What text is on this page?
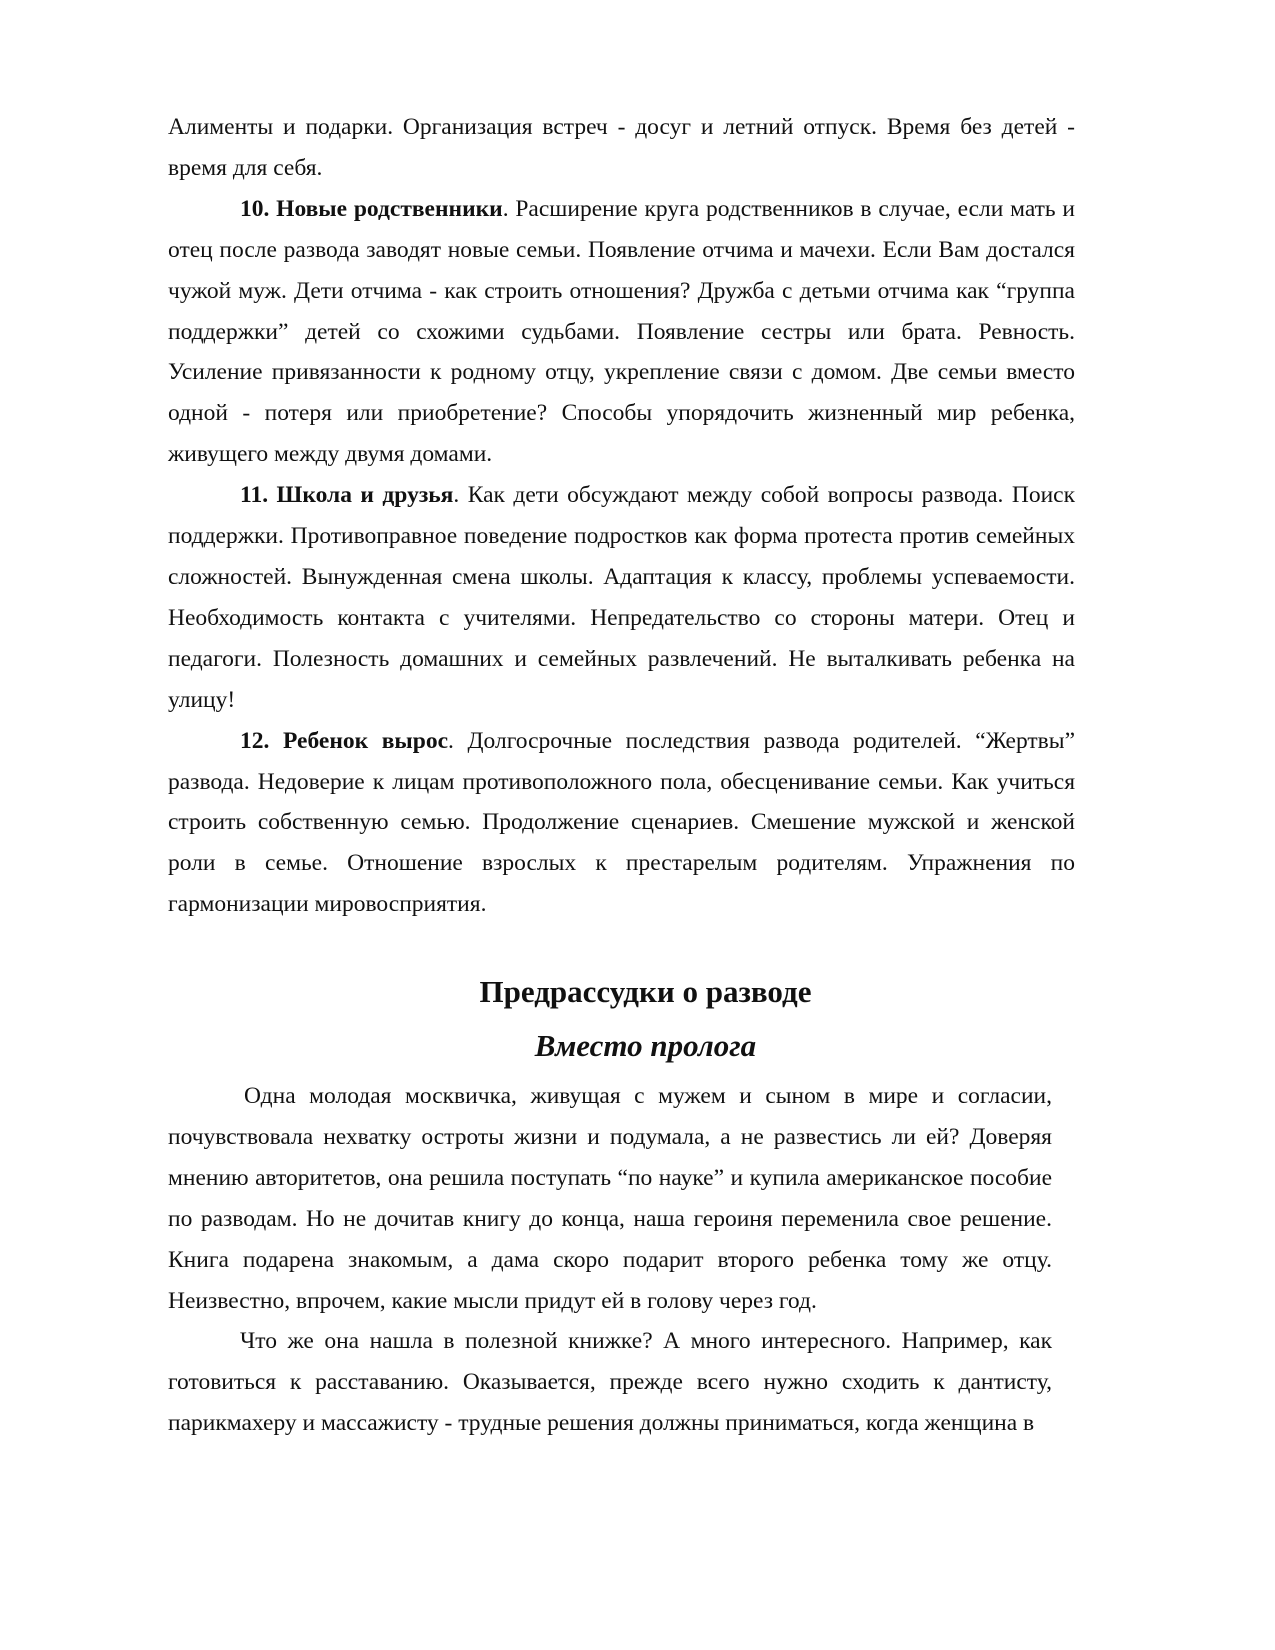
Алименты и подарки. Организация встреч - досуг и летний отпуск. Время без детей - время для себя.

10. Новые родственники. Расширение круга родственников в случае, если мать и отец после развода заводят новые семьи. Появление отчима и мачехи. Если Вам достался чужой муж. Дети отчима - как строить отношения? Дружба с детьми отчима как “группа поддержки” детей со схожими судьбами. Появление сестры или брата. Ревность. Усиление привязанности к родному отцу, укрепление связи с домом. Две семьи вместо одной - потеря или приобретение? Способы упорядочить жизненный мир ребенка, живущего между двумя домами.

11. Школа и друзья. Как дети обсуждают между собой вопросы развода. Поиск поддержки. Противоправное поведение подростков как форма протеста против семейных сложностей. Вынужденная смена школы. Адаптация к классу, проблемы успеваемости. Необходимость контакта с учителями. Непредательство со стороны матери. Отец и педагоги. Полезность домашних и семейных развлечений. Не выталкивать ребенка на улицу!

12. Ребенок вырос. Долгосрочные последствия развода родителей. “Жертвы” развода. Недоверие к лицам противоположного пола, обесценивание семьи. Как учиться строить собственную семью. Продолжение сценариев. Смешение мужской и женской роли в семье. Отношение взрослых к престарелым родителям. Упражнения по гармонизации мировосприятия.

Предрассудки о разводе
Вместо пролога

Одна молодая москвичка, живущая с мужем и сыном в мире и согласии, почувствовала нехватку остроты жизни и подумала, а не развестись ли ей? Доверяя мнению авторитетов, она решила поступать “по науке” и купила американское пособие по разводам. Но не дочитав книгу до конца, наша героиня переменила свое решение. Книга подарена знакомым, а дама скоро подарит второго ребенка тому же отцу. Неизвестно, впрочем, какие мысли придут ей в голову через год.

Что же она нашла в полезной книжке? А много интересного. Например, как готовиться к расставанию. Оказывается, прежде всего нужно сходить к дантисту, парикмахеру и массажисту - трудные решения должны приниматься, когда женщина в
